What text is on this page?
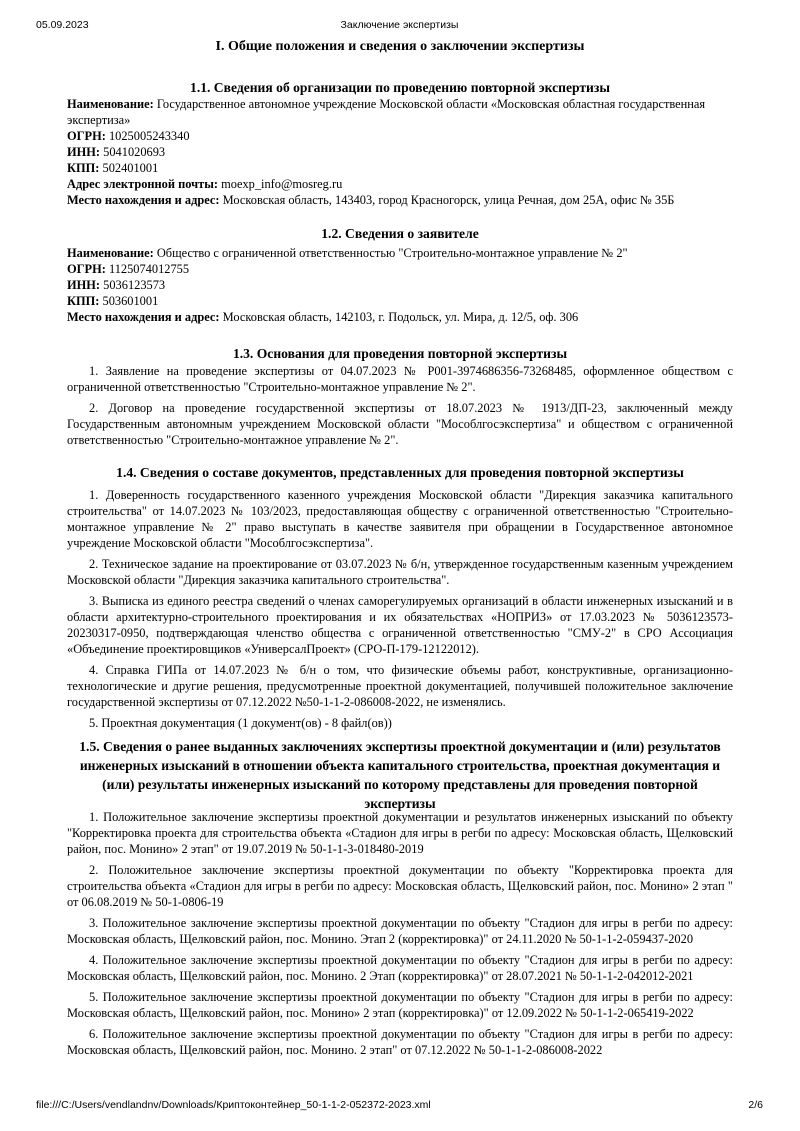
05.09.2023	Заключение экспертизы
I. Общие положения и сведения о заключении экспертизы
1.1. Сведения об организации по проведению повторной экспертизы

Наименование: Государственное автономное учреждение Московской области «Московская областная государственная экспертиза»

ОГРН: 1025005243340

ИНН: 5041020693

КПП: 502401001

Адрес электронной почты: moexp_info@mosreg.ru

Место нахождения и адрес: Московская область, 143403, город Красногорск, улица Речная, дом 25А, офис № 35Б

1.2. Сведения о заявителе

Наименование: Общество с ограниченной ответственностью "Строительно-монтажное управление № 2"

ОГРН: 1125074012755

ИНН: 5036123573

КПП: 503601001

Место нахождения и адрес: Московская область, 142103, г. Подольск, ул. Мира, д. 12/5, оф. 306

1.3. Основания для проведения повторной экспертизы

1. Заявление на проведение экспертизы от 04.07.2023 № Р001-3974686356-73268485, оформленное обществом с ограниченной ответственностью "Строительно-монтажное управление № 2".

2. Договор на проведение государственной экспертизы от 18.07.2023 № 1913/ДП-23, заключенный между Государственным автономным учреждением Московской области "Мособлгосэкспертиза" и обществом с ограниченной ответственностью "Строительно-монтажное управление № 2".

1.4. Сведения о составе документов, представленных для проведения повторной экспертизы

1. Доверенность государственного казенного учреждения Московской области "Дирекция заказчика капитального строительства" от 14.07.2023 № 103/2023, предоставляющая обществу с ограниченной ответственностью "Строительно-монтажное управление № 2" право выступать в качестве заявителя при обращении в Государственное автономное учреждение Московской области "Мособлгосэкспертиза".

2. Техническое задание на проектирование от 03.07.2023 № б/н, утвержденное государственным казенным учреждением Московской области "Дирекция заказчика капитального строительства".

3. Выписка из единого реестра сведений о членах саморегулируемых организаций в области инженерных изысканий и в области архитектурно-строительного проектирования и их обязательствах «НОПРИЗ» от 17.03.2023 № 5036123573-20230317-0950, подтверждающая членство общества с ограниченной ответственностью "СМУ-2" в СРО Ассоциация «Объединение проектировщиков «УниверсалПроект» (СРО-П-179-12122012).

4. Справка ГИПа от 14.07.2023 № б/н о том, что физические объемы работ, конструктивные, организационно-технологические и другие решения, предусмотренные проектной документацией, получившей положительное заключение государственной экспертизы от 07.12.2022 №50-1-1-2-086008-2022, не изменялись.

5. Проектная документация (1 документ(ов) - 8 файл(ов))

1.5. Сведения о ранее выданных заключениях экспертизы проектной документации и (или) результатов инженерных изысканий в отношении объекта капитального строительства, проектная документация и (или) результаты инженерных изысканий по которому представлены для проведения повторной экспертизы

1. Положительное заключение экспертизы проектной документации и результатов инженерных изысканий по объекту "Корректировка проекта для строительства объекта «Стадион для игры в регби по адресу: Московская область, Щелковский район, пос. Монино» 2 этап" от 19.07.2019 № 50-1-1-3-018480-2019

2. Положительное заключение экспертизы проектной документации по объекту "Корректировка проекта для строительства объекта «Стадион для игры в регби по адресу: Московская область, Щелковский район, пос. Монино» 2 этап " от 06.08.2019 № 50-1-0806-19

3. Положительное заключение экспертизы проектной документации по объекту "Стадион для игры в регби по адресу: Московская область, Щелковский район, пос. Монино. Этап 2 (корректировка)" от 24.11.2020 № 50-1-1-2-059437-2020

4. Положительное заключение экспертизы проектной документации по объекту "Стадион для игры в регби по адресу: Московская область, Щелковский район, пос. Монино. 2 Этап (корректировка)" от 28.07.2021 № 50-1-1-2-042012-2021

5. Положительное заключение экспертизы проектной документации по объекту "Стадион для игры в регби по адресу: Московская область, Щелковский район, пос. Монино» 2 этап (корректировка)" от 12.09.2022 № 50-1-1-2-065419-2022

6. Положительное заключение экспертизы проектной документации по объекту "Стадион для игры в регби по адресу: Московская область, Щелковский район, пос. Монино. 2 этап" от 07.12.2022 № 50-1-1-2-086008-2022

file:///C:/Users/vendlandnv/Downloads/Криптоконтейнер_50-1-1-2-052372-2023.xml	2/6
